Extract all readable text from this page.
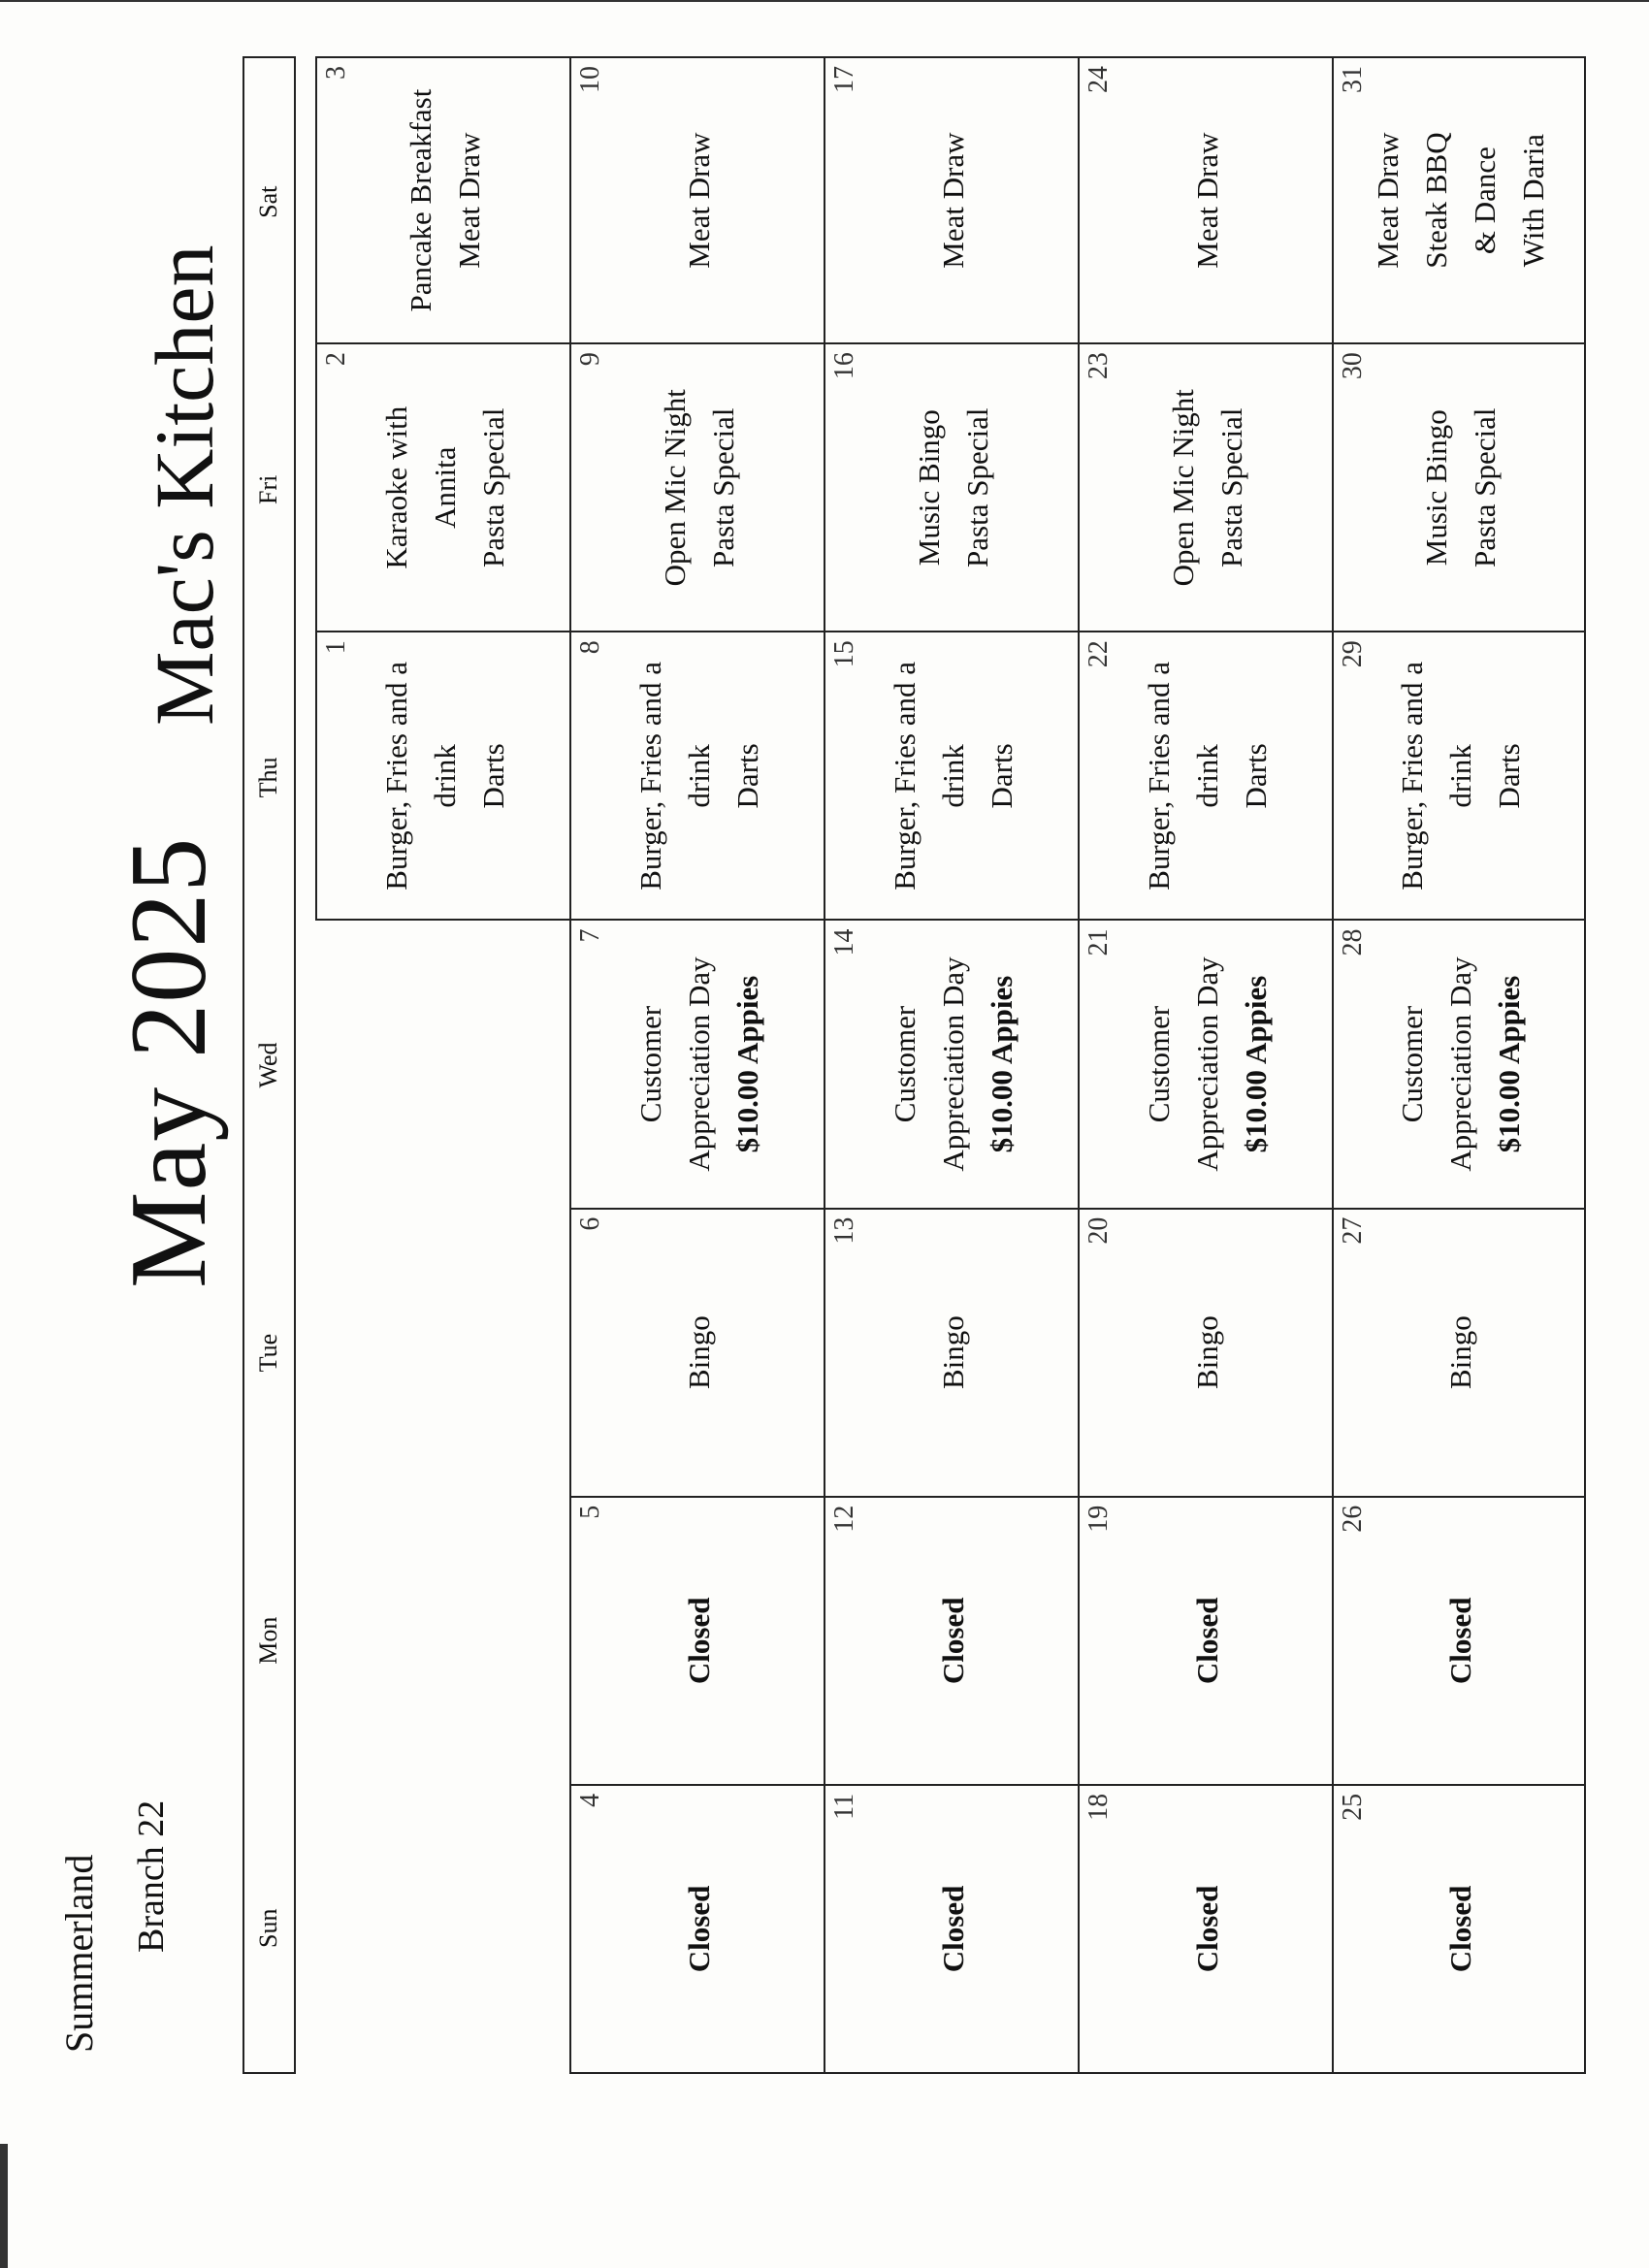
Summerland Branch 22
May 2025
Mac's Kitchen
Sun
Mon
Tue
Wed
Thu
Fri
Sat
1
Burger, Fries and a drink Darts
2
Karaoke with Annita Pasta Special
3
Pancake Breakfast Meat Draw
4
Closed
5
Closed
6
Bingo
7
Customer Appreciation Day $10.00 Appies
8
Burger, Fries and a drink Darts
9
Open Mic Night Pasta Special
10
Meat Draw
11
Closed
12
Closed
13
Bingo
14
Customer Appreciation Day $10.00 Appies
15
Burger, Fries and a drink Darts
16
Music Bingo Pasta Special
17
Meat Draw
18
Closed
19
Closed
20
Bingo
21
Customer Appreciation Day $10.00 Appies
22
Burger, Fries and a drink Darts
23
Open Mic Night Pasta Special
24
Meat Draw
25
Closed
26
Closed
27
Bingo
28
Customer Appreciation Day $10.00 Appies
29
Burger, Fries and a drink Darts
30
Music Bingo Pasta Special
31
Meat Draw Steak BBQ & Dance With Daria
